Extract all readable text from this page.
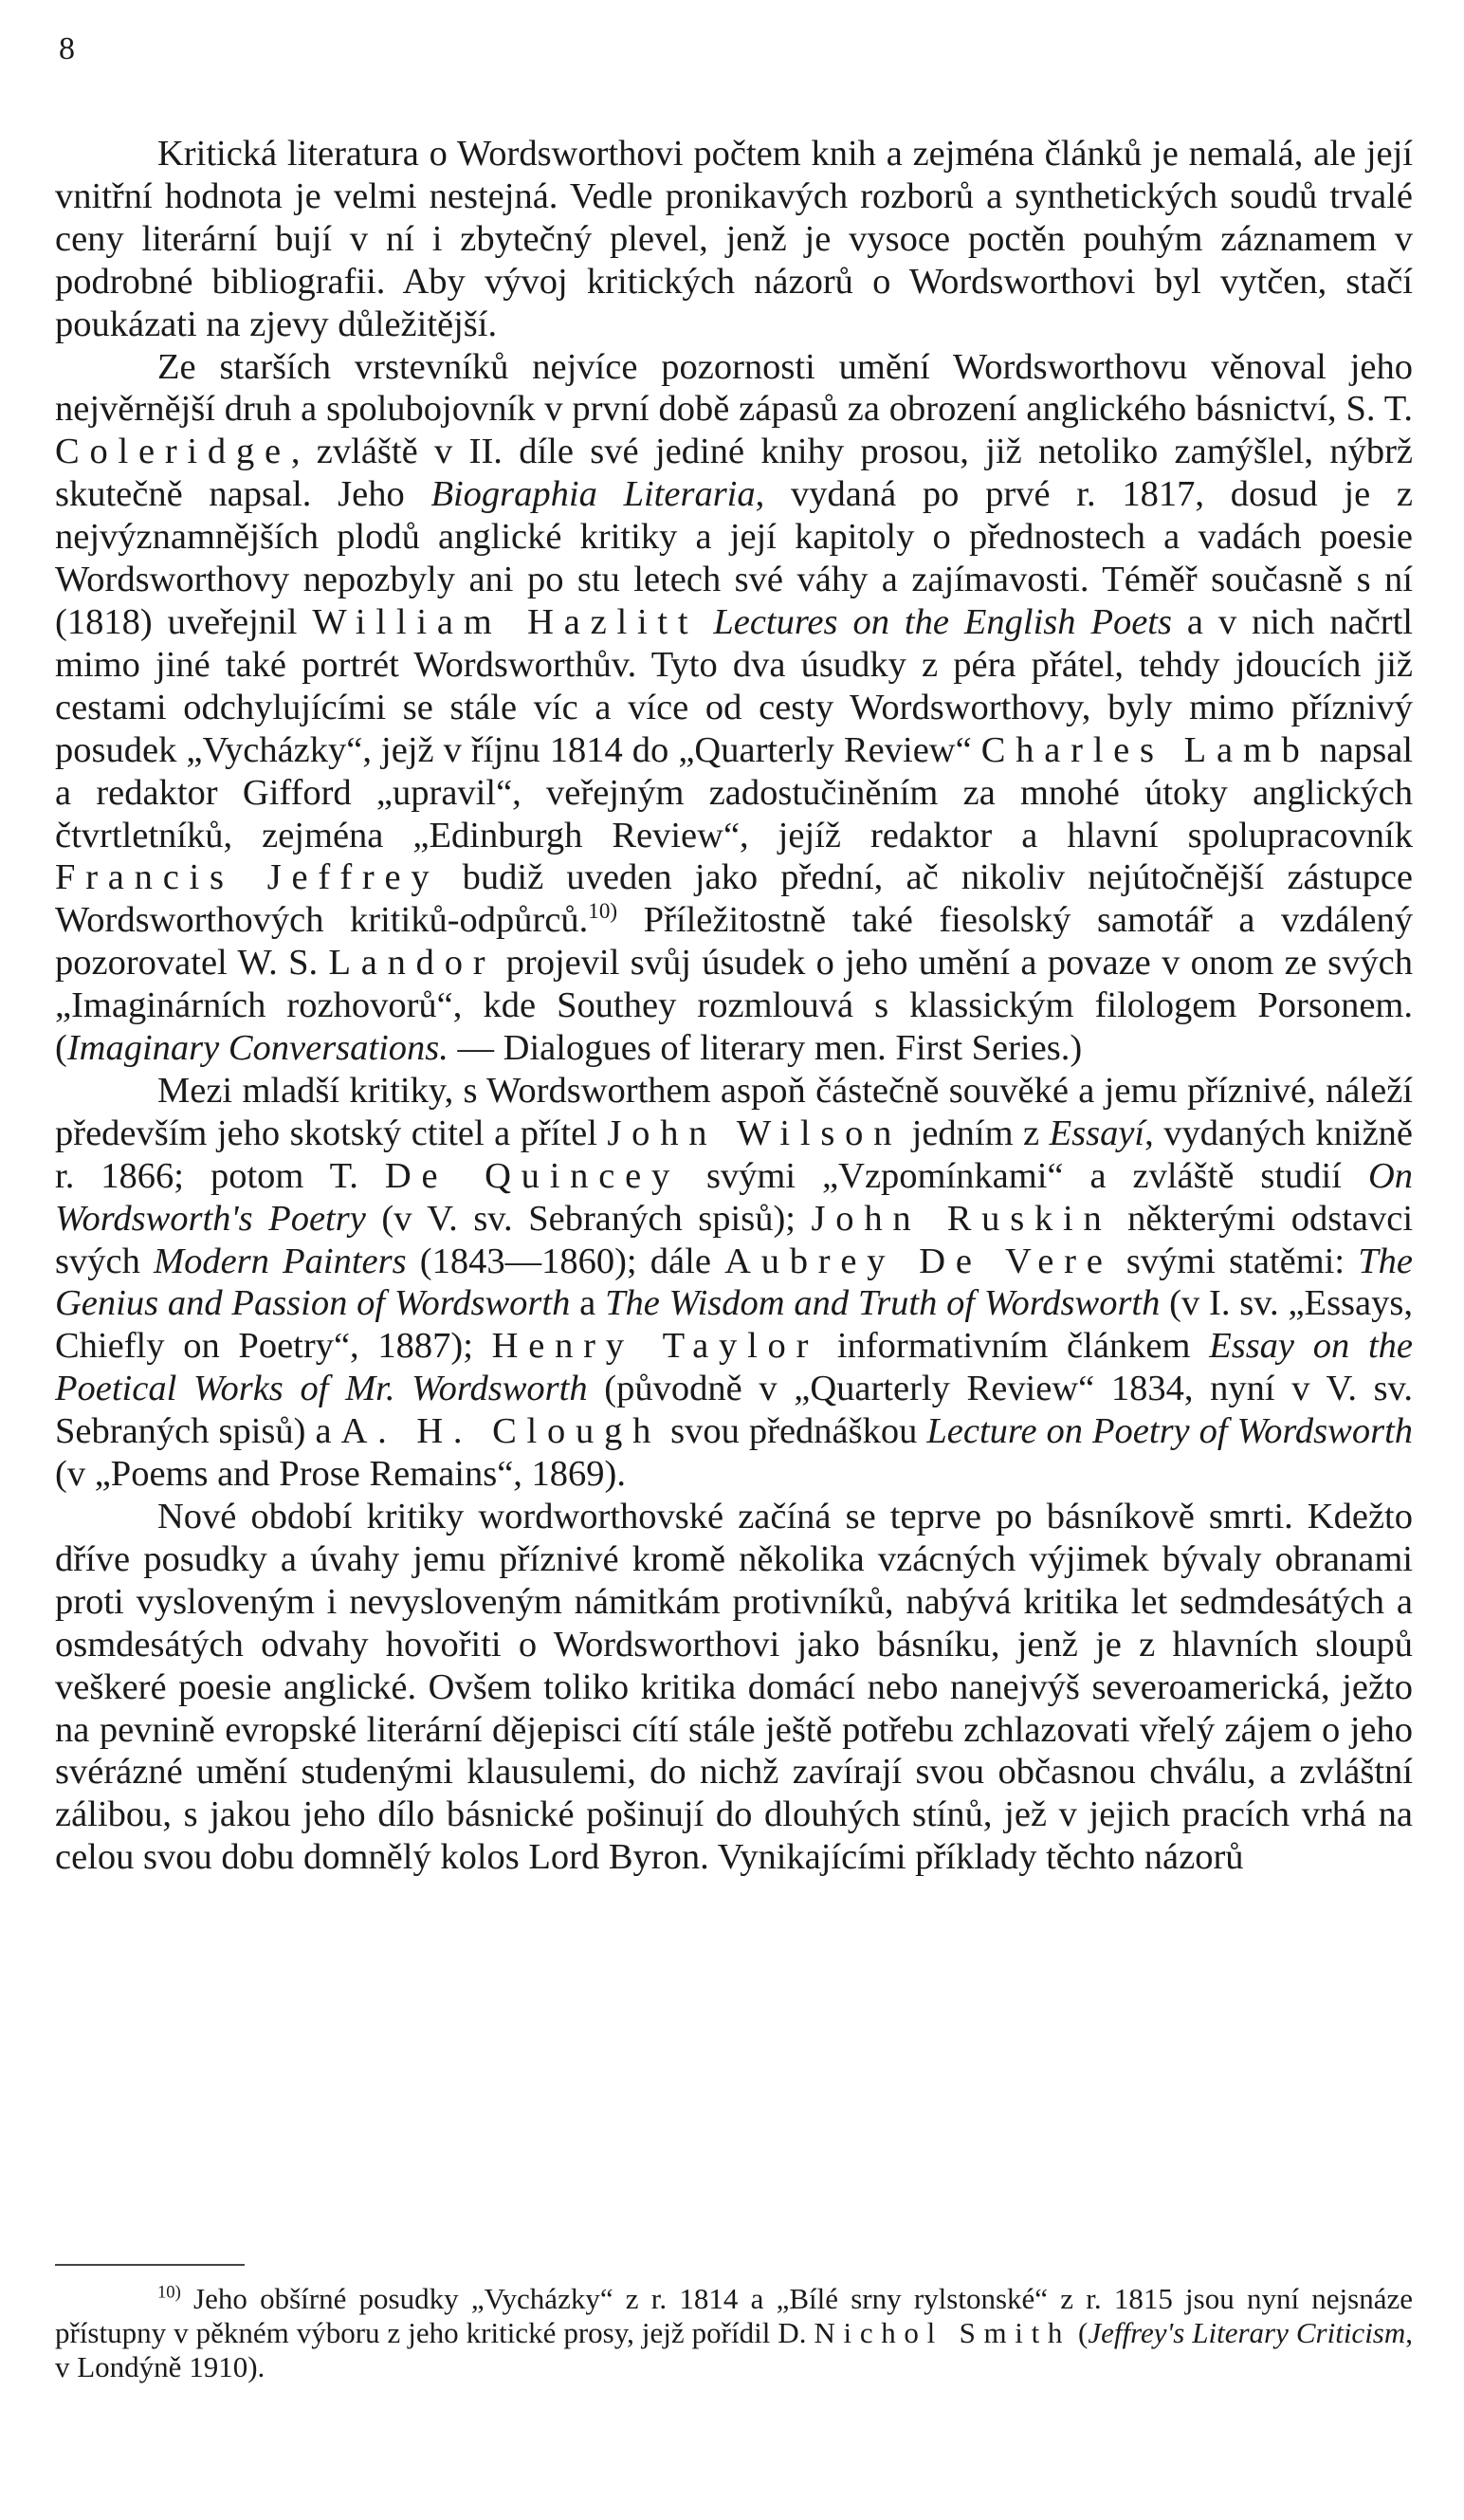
8

Kritická literatura o Wordsworthovi počtem knih a zejména článků je nemalá, ale její vnitřní hodnota je velmi nestejná. Vedle pronikavých rozborů a synthetických soudů trvalé ceny literární bují v ní i zbytečný plevel, jenž je vysoce poctěn pouhým záznamem v podrobné bibliografii. Aby vývoj kritických názorů o Wordsworthovi byl vytčen, stačí poukázati na zjevy důležitější.

Ze starších vrstevníků nejvíce pozornosti umění Wordsworthovu věnoval jeho nejvěrnější druh a spolubojovník v první době zápasů za obrození anglického básnictví, S. T. Coleridge, zvláště v II. díle své jediné knihy prosou, již netoliko zamýšlel, nýbrž skutečně napsal. Jeho Biographia Literaria, vydaná po prvé r. 1817, dosud je z nejvýznamnějších plodů anglické kritiky a její kapitoly o přednostech a vadách poesie Wordsworthovy nepozbyly ani po stu letech své váhy a zajímavosti. Téměř současně s ní (1818) uveřejnil William Hazlitt Lectures on the English Poets a v nich načrtl mimo jiné také portrét Wordsworthův. Tyto dva úsudky z péra přátel, tehdy jdoucích již cestami odchylujícími se stále víc a více od cesty Wordsworthovy, byly mimo příznivý posudek „Vycházky“, jejž v říjnu 1814 do „Quarterly Review“ Charles Lamb napsal a redaktor Gifford „upravil“, veřejným zadostučiněním za mnohé útoky anglických čtvrtletníků, zejména „Edinburgh Review“, jejíž redaktor a hlavní spolupracovník Francis Jeffrey budiž uveden jako přední, ač nikoliv nejútočnější zástupce Wordsworthových kritiků-odpůrců.$^{10)}$ Příležitostně také fiesolský samotář a vzdálený pozorovatel W. S. Landor projevil svůj úsudek o jeho umění a povaze v onom ze svých „Imaginárních rozhovorů“, kde Southey rozmlouvá s klassickým filologem Porsonem. (Imaginary Conversations. — Dialogues of literary men. First Series.)

Mezi mladší kritiky, s Wordsworthem aspoň částečně souvěké a jemu příznivé, náleží především jeho skotský ctitel a přítel John Wilson jedním z Essayí, vydaných knižně r. 1866; potom T. De Quincey svými „Vzpomínkami“ a zvláště studií On Wordsworth's Poetry (v V. sv. Sebraných spisů); John Ruskin některými odstavci svých Modern Painters (1843—1860); dále Aubrey De Vere svými statěmi: The Genius and Passion of Wordsworth a The Wisdom and Truth of Wordsworth (v I. sv. „Essays, Chiefly on Poetry“, 1887); Henry Taylor informativním článkem Essay on the Poetical Works of Mr. Wordsworth (původně v „Quarterly Review“ 1834, nyní v V. sv. Sebraných spisů) a A. H. Clough svou přednáškou Lecture on Poetry of Wordsworth (v „Poems and Prose Remains“, 1869).

Nové období kritiky wordworthovské začíná se teprve po básníkově smrti. Kdežto dříve posudky a úvahy jemu příznivé kromě několika vzácných výjimek bývaly obranami proti vysloveným i nevysloveným námitkám protivníků, nabývá kritika let sedmdesátých a osmdesátých odvahy hovořiti o Wordsworthovi jako básníku, jenž je z hlavních sloupů veškeré poesie anglické. Ovšem toliko kritika domácí nebo nanejvýš severoamerická, ježto na pevnině evropské literární dějepisci cítí stále ještě potřebu zchlazovati vřelý zájem o jeho svérázné umění studenými klausulemi, do nichž zavírají svou občasnou chválu, a zvláštní zálibou, s jakou jeho dílo básnické pošinují do dlouhých stínů, jež v jejich pracích vrhá na celou svou dobu domnělý kolos Lord Byron. Vynikajícími příklady těchto názorů

$^{10)}$ Jeho obšírné posudky „Vycházky“ z r. 1814 a „Bílé srny rylstonské“ z r. 1815 jsou nyní nejsnáze přístupny v pěkném výboru z jeho kritické prosy, jejž pořídil D. Nichol Smith (Jeffrey's Literary Criticism, v Londýně 1910).
